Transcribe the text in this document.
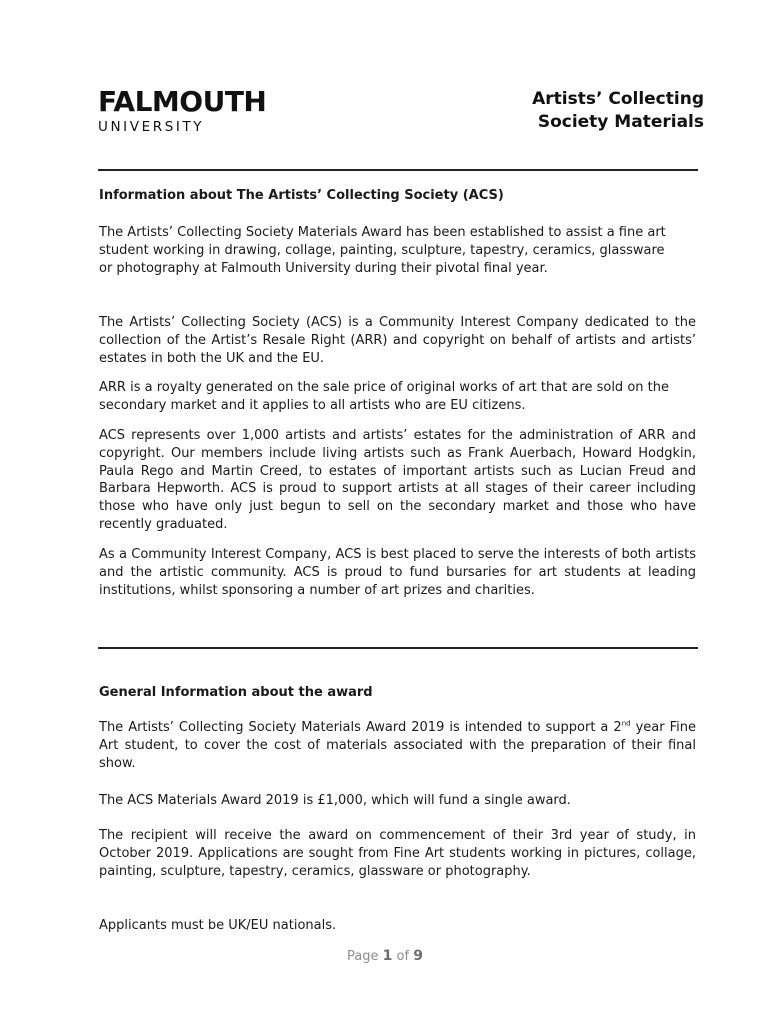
FALMOUTH
UNIVERSITY
Artists’ Collecting
Society Materials
Information about The Artists’ Collecting Society (ACS)

The Artists’ Collecting Society Materials Award has been established to assist a fine art student working in drawing, collage, painting, sculpture, tapestry, ceramics, glassware or photography at Falmouth University during their pivotal final year.

The Artists’ Collecting Society (ACS) is a Community Interest Company dedicated to the collection of the Artist’s Resale Right (ARR) and copyright on behalf of artists and artists’ estates in both the UK and the EU.

ARR is a royalty generated on the sale price of original works of art that are sold on the secondary market and it applies to all artists who are EU citizens.

ACS represents over 1,000 artists and artists’ estates for the administration of ARR and copyright. Our members include living artists such as Frank Auerbach, Howard Hodgkin, Paula Rego and Martin Creed, to estates of important artists such as Lucian Freud and Barbara Hepworth. ACS is proud to support artists at all stages of their career including those who have only just begun to sell on the secondary market and those who have recently graduated.

As a Community Interest Company, ACS is best placed to serve the interests of both artists and the artistic community. ACS is proud to fund bursaries for art students at leading institutions, whilst sponsoring a number of art prizes and charities.

General Information about the award

The Artists’ Collecting Society Materials Award 2019 is intended to support a 2nd year Fine Art student, to cover the cost of materials associated with the preparation of their final show.

The ACS Materials Award 2019 is £1,000, which will fund a single award.

The recipient will receive the award on commencement of their 3rd year of study, in October 2019. Applications are sought from Fine Art students working in pictures, collage, painting, sculpture, tapestry, ceramics, glassware or photography.

Applicants must be UK/EU nationals.

Page 1 of 9
